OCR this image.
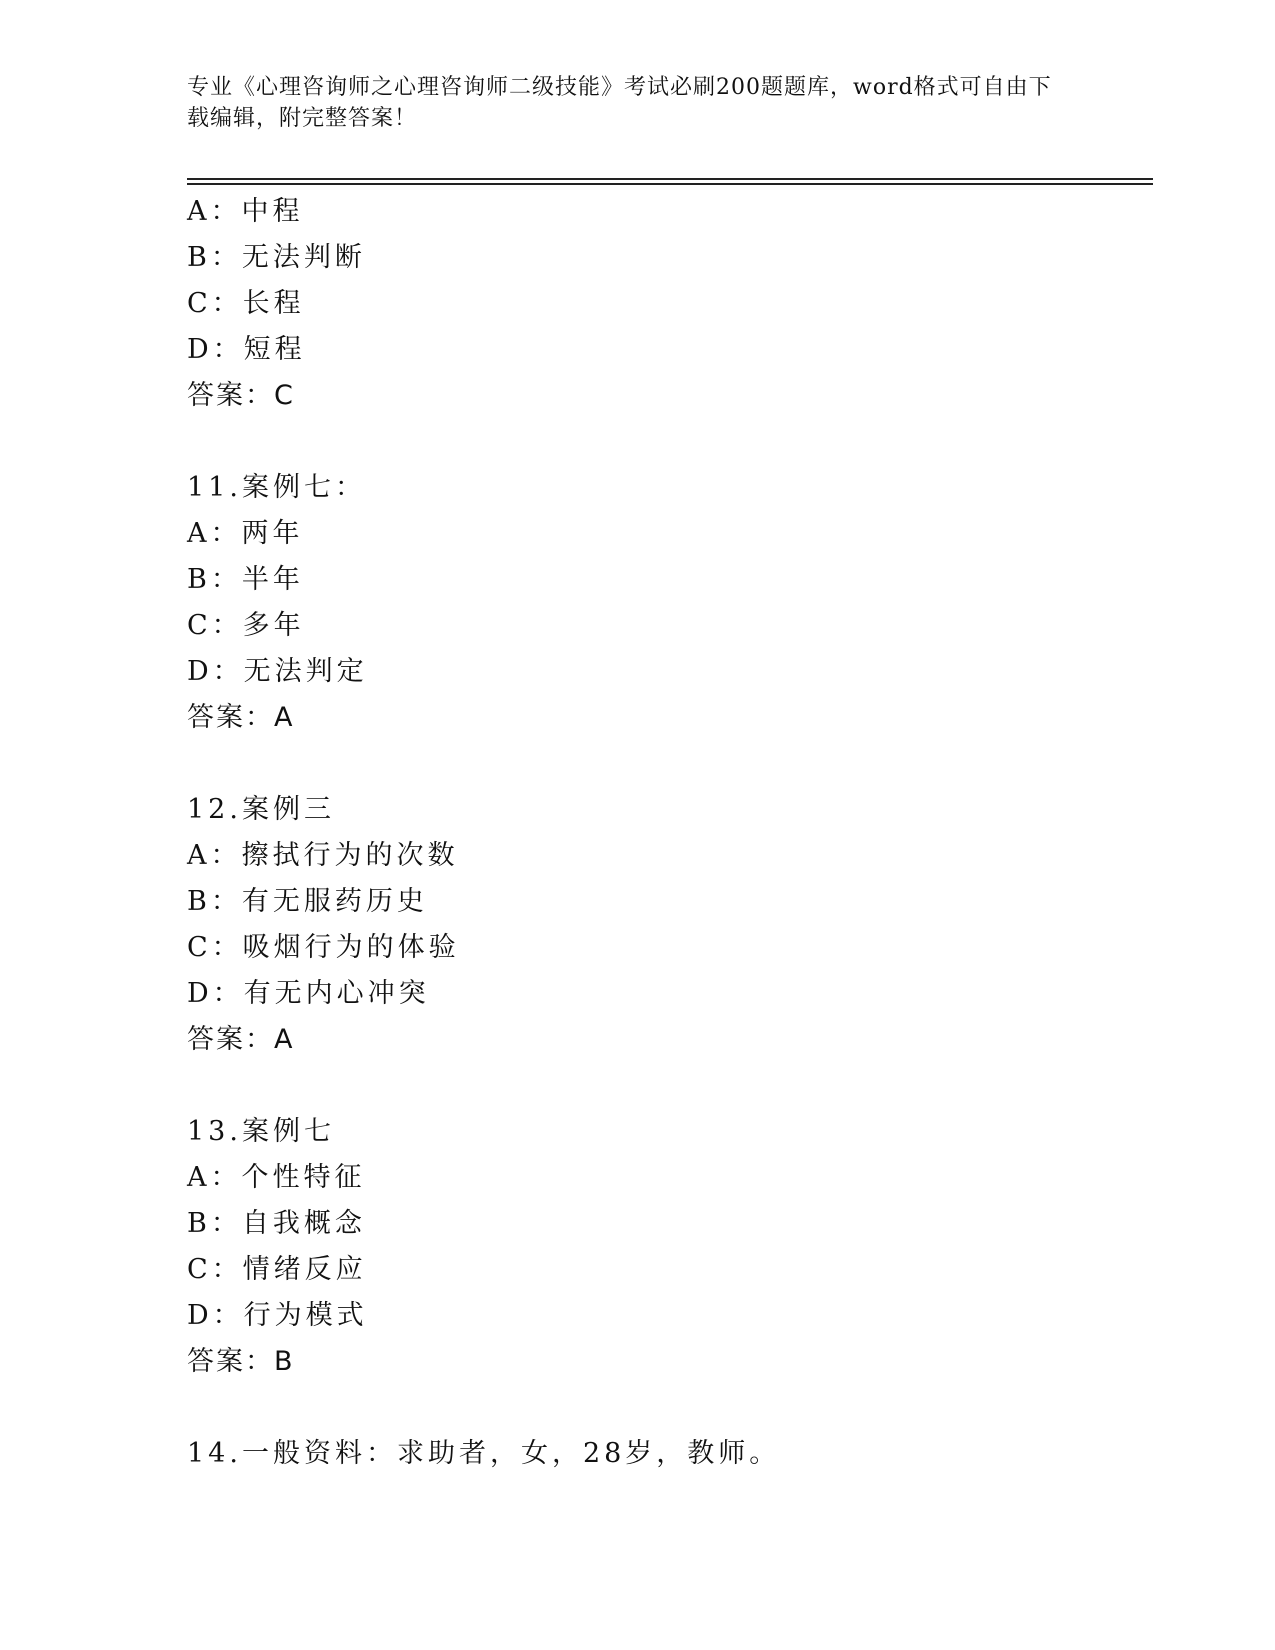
专业《心理咨询师之心理咨询师二级技能》考试必刷200题题库，word格式可自由下载编辑，附完整答案！
A：中程
B：无法判断
C：长程
D：短程
答案：C
11.案例七：
A：两年
B：半年
C：多年
D：无法判定
答案：A
12.案例三
A：擦拭行为的次数
B：有无服药历史
C：吸烟行为的体验
D：有无内心冲突
答案：A
13.案例七
A：个性特征
B：自我概念
C：情绪反应
D：行为模式
答案：B
14.一般资料：求助者，女，28岁，教师。
